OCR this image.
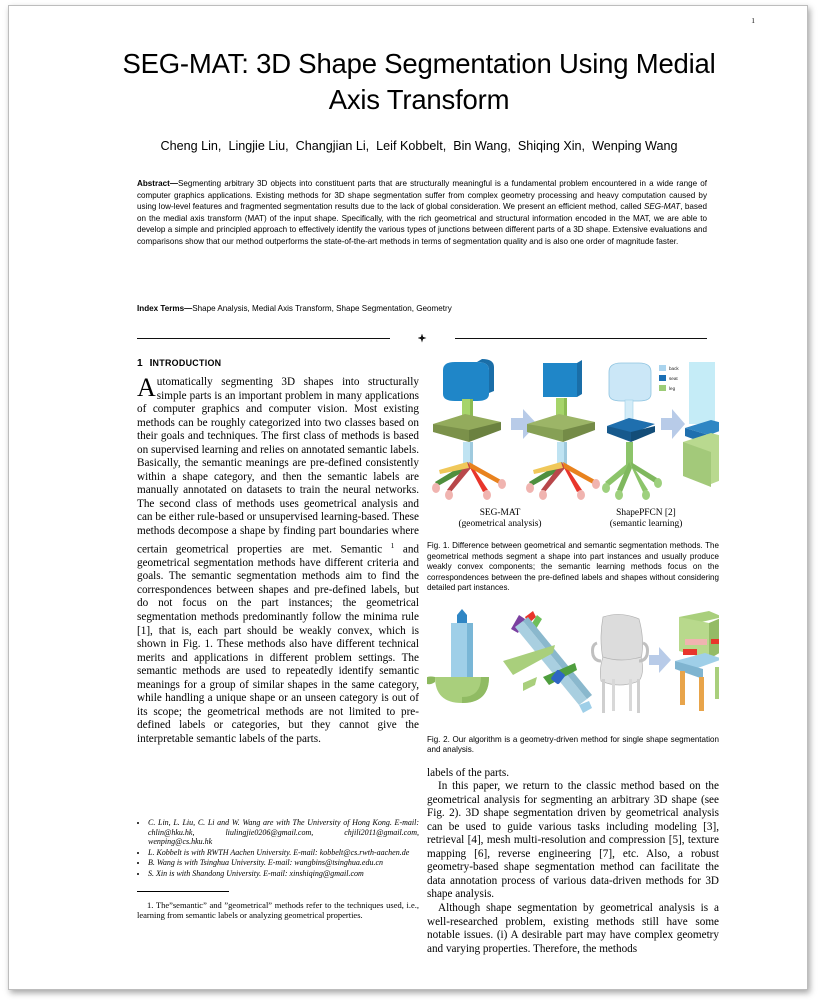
1
SEG-MAT: 3D Shape Segmentation Using Medial Axis Transform
Cheng Lin, Lingjie Liu, Changjian Li, Leif Kobbelt, Bin Wang, Shiqing Xin, Wenping Wang
Abstract—Segmenting arbitrary 3D objects into constituent parts that are structurally meaningful is a fundamental problem encountered in a wide range of computer graphics applications. Existing methods for 3D shape segmentation suffer from complex geometry processing and heavy computation caused by using low-level features and fragmented segmentation results due to the lack of global consideration. We present an efficient method, called SEG-MAT, based on the medial axis transform (MAT) of the input shape. Specifically, with the rich geometrical and structural information encoded in the MAT, we are able to develop a simple and principled approach to effectively identify the various types of junctions between different parts of a 3D shape. Extensive evaluations and comparisons show that our method outperforms the state-of-the-art methods in terms of segmentation quality and is also one order of magnitude faster.
Index Terms—Shape Analysis, Medial Axis Transform, Shape Segmentation, Geometry
1 INTRODUCTION

Automatically segmenting 3D shapes into structurally simple parts is an important problem in many applications of computer graphics and computer vision. Most existing methods can be roughly categorized into two classes based on their goals and techniques. The first class of methods is based on supervised learning and relies on annotated semantic labels. Basically, the semantic meanings are pre-defined consistently within a shape category, and then the semantic labels are manually annotated on datasets to train the neural networks. The second class of methods uses geometrical analysis and can be either rule-based or unsupervised learning-based. These methods decompose a shape by finding part boundaries where certain geometrical properties are met. Semantic $^1$ and geometrical segmentation methods have different criteria and goals. The semantic segmentation methods aim to find the correspondences between shapes and pre-defined labels, but do not focus on the part instances; the geometrical segmentation methods predominantly follow the minima rule [1], that is, each part should be weakly convex, which is shown in Fig. 1. These methods also have different technical merits and applications in different problem settings. The semantic methods are used to repeatedly identify semantic meanings for a group of similar shapes in the same category, while handling a unique shape or an unseen category is out of its scope; the geometrical methods are not limited to pre-defined labels or categories, but they cannot give the interpretable semantic labels of the parts.

• C. Lin, L. Liu, C. Li and W. Wang are with The University of Hong Kong. E-mail: chlin@hku.hk, liulingjie0206@gmail.com, chjili2011@gmail.com, wenping@cs.hku.hk
• L. Kobbelt is with RWTH Aachen University. E-mail: kobbelt@cs.rwth-aachen.de
• B. Wang is with Tsinghua University. E-mail: wangbins@tsinghua.edu.cn
• S. Xin is with Shandong University. E-mail: xinshiqing@gmail.com

1. The”semantic” and ”geometrical” methods refer to the techniques used, i.e., learning from semantic labels or analyzing geometrical properties.

back
seat
leg
SEG-MAT
(geometrical analysis)
ShapePFCN [2]
(semantic learning)
Fig. 1. Difference between geometrical and semantic segmentation methods. The geometrical methods segment a shape into part instances and usually produce weakly convex components; the semantic learning methods focus on the correspondences between the pre-defined labels and shapes without considering detailed part instances.
Fig. 2. Our algorithm is a geometry-driven method for single shape segmentation and analysis.

labels of the parts.

In this paper, we return to the classic method based on the geometrical analysis for segmenting an arbitrary 3D shape (see Fig. 2). 3D shape segmentation driven by geometrical analysis can be used to guide various tasks including modeling [3], retrieval [4], mesh multi-resolution and compression [5], texture mapping [6], reverse engineering [7], etc. Also, a robust geometry-based shape segmentation method can facilitate the data annotation process of various data-driven methods for 3D shape analysis.

Although shape segmentation by geometrical analysis is a well-researched problem, existing methods still have some notable issues. (i) A desirable part may have complex geometry and varying properties. Therefore, the methods
